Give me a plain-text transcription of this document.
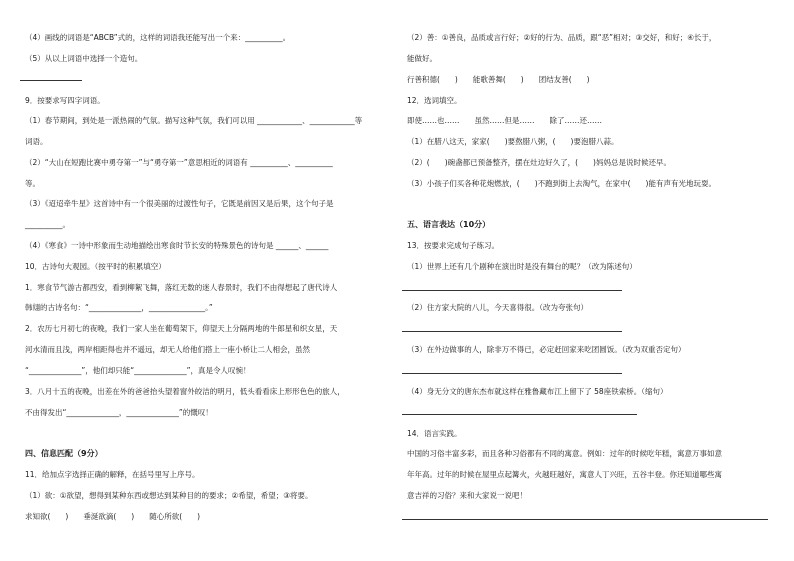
（4）画线的词语是“ABCB”式的，这样的词语我还能写出一个来：__________。
（5）从以上词语中选择一个造句。
9．按要求写四字词语。
（1）春节期间，到处是一派热闹的气氛。描写这种气氛，我们可以用 ____________、____________等
词语。
（2）“大山在短跑比赛中勇夺第一”与“勇夺第一”意思相近的词语有 __________、__________
等。
（3）《迢迢牵牛星》这首诗中有一个很美丽的过渡性句子，它既是前因又是后果，这个句子是
__________。
（4）《寒食》一诗中形象而生动地描绘出寒食时节长安的特殊景色的诗句是 ______、______
10．古诗句大观园。（按平时的积累填空）
1．寒食节气游古都西安，看到柳絮飞舞，落红无数的迷人春景时，我们不由得想起了唐代诗人
韩翃的古诗名句：“______________，_______________。”
2．农历七月初七的夜晚，我们一家人坐在葡萄架下，仰望天上分隔两地的牛郎星和织女星，天
河水清而且浅，两岸相距得也并不遥远，却无人给他们搭上一座小桥让二人相会，虽然
“______________”，他们却只能“______________”，真是令人叹惋！
3．八月十五的夜晚，出差在外的爸爸抬头望着窗外皎洁的明月，低头看看床上形形色色的旅人，
不由得发出“______________，______________”的慨叹！
四、信息匹配（9分）
11．给加点字选择正确的解释，在括号里写上序号。
（1）欲：①欲望，想得到某种东西或想达到某种目的的要求；②希望，希望；③将要。
求知欲(　　)　　垂涎欲滴(　　)　　随心所欲(　　)
（2）善：①善良，品质或言行好；②好的行为、品质，跟“恶”相对；③交好，和好；④长于，
能做好。
行善积德(　　)　　能歌善舞(　　)　　团结友善(　　)
12．选词填空。
即使……也……　　虽然……但是……　　除了……还……
（1）在腊八这天，家家(　　)要熬腊八粥，(　　)要泡腊八蒜。
（2）(　　)碗盏都已预备整齐，摆在灶边好久了，(　　)妈妈总是说时候还早。
（3）小孩子们买各种花炮燃放，(　　)不跑到街上去淘气，在家中(　　)能有声有光地玩耍。
五、语言表达（10分）
13．按要求完成句子练习。
（1）世界上还有几个剧种在演出时是没有舞台的呢？（改为陈述句）
（2）住方家大院的八儿，今天喜得很。（改为夸张句）
（3）在外边做事的人，除非万不得已，必定赶回家来吃团圆饭。（改为双重否定句）
（4）身无分文的唐东杰布就这样在雅鲁藏布江上留下了 58座铁索桥。（缩句）
14．语言实践。
中国的习俗丰富多彩，而且各种习俗都有不同的寓意。例如：过年的时候吃年糕，寓意万事如意
年年高。过年的时候在屋里点起篝火，火越旺越好，寓意人丁兴旺，五谷丰登。你还知道哪些寓
意吉祥的习俗？来和大家说一说吧！
